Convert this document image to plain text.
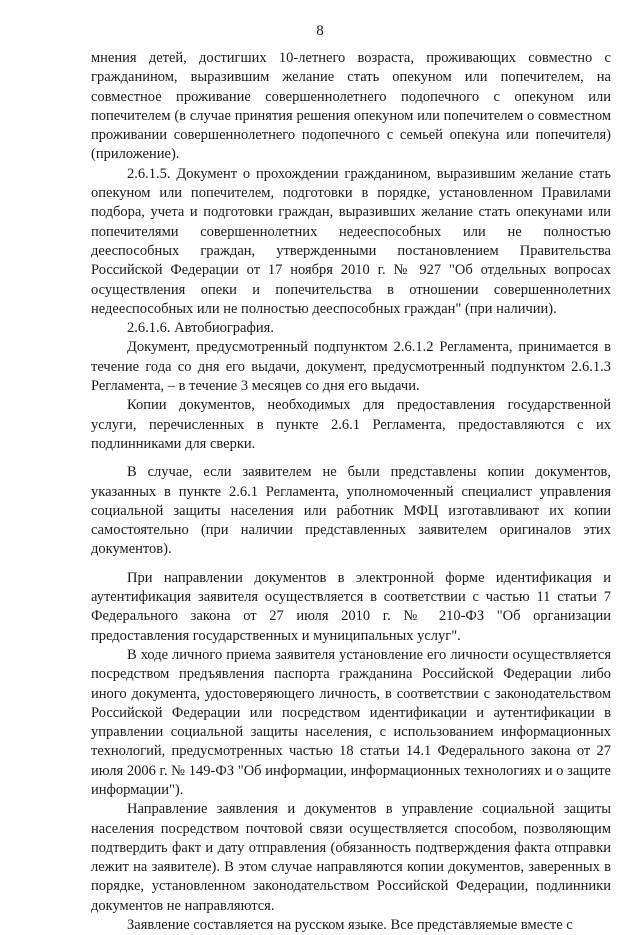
8

мнения детей, достигших 10-летнего возраста, проживающих совместно с гражданином, выразившим желание стать опекуном или попечителем, на совместное проживание совершеннолетнего подопечного с опекуном или попечителем (в случае принятия решения опекуном или попечителем о совместном проживании совершеннолетнего подопечного с семьей опекуна или попечителя) (приложение).

2.6.1.5. Документ о прохождении гражданином, выразившим желание стать опекуном или попечителем, подготовки в порядке, установленном Правилами подбора, учета и подготовки граждан, выразивших желание стать опекунами или попечителями совершеннолетних недееспособных или не полностью дееспособных граждан, утвержденными постановлением Правительства Российской Федерации от 17 ноября 2010 г. № 927 "Об отдельных вопросах осуществления опеки и попечительства в отношении совершеннолетних недееспособных или не полностью дееспособных граждан" (при наличии).

2.6.1.6. Автобиография.

Документ, предусмотренный подпунктом 2.6.1.2 Регламента, принимается в течение года со дня его выдачи, документ, предусмотренный подпунктом 2.6.1.3 Регламента, – в течение 3 месяцев со дня его выдачи.

Копии документов, необходимых для предоставления государственной услуги, перечисленных в пункте 2.6.1 Регламента, предоставляются с их подлинниками для сверки.

В случае, если заявителем не были представлены копии документов, указанных в пункте 2.6.1 Регламента, уполномоченный специалист управления социальной защиты населения или работник МФЦ изготавливают их копии самостоятельно (при наличии представленных заявителем оригиналов этих документов).

При направлении документов в электронной форме идентификация и аутентификация заявителя осуществляется в соответствии с частью 11 статьи 7 Федерального закона от 27 июля 2010 г. № 210-ФЗ "Об организации предоставления государственных и муниципальных услуг".

В ходе личного приема заявителя установление его личности осуществляется посредством предъявления паспорта гражданина Российской Федерации либо иного документа, удостоверяющего личность, в соответствии с законодательством Российской Федерации или посредством идентификации и аутентификации в управлении социальной защиты населения, с использованием информационных технологий, предусмотренных частью 18 статьи 14.1 Федерального закона от 27 июля 2006 г. № 149-ФЗ "Об информации, информационных технологиях и о защите информации").

Направление заявления и документов в управление социальной защиты населения посредством почтовой связи осуществляется способом, позволяющим подтвердить факт и дату отправления (обязанность подтверждения факта отправки лежит на заявителе). В этом случае направляются копии документов, заверенных в порядке, установленном законодательством Российской Федерации, подлинники документов не направляются.

Заявление составляется на русском языке. Все представляемые вместе с
